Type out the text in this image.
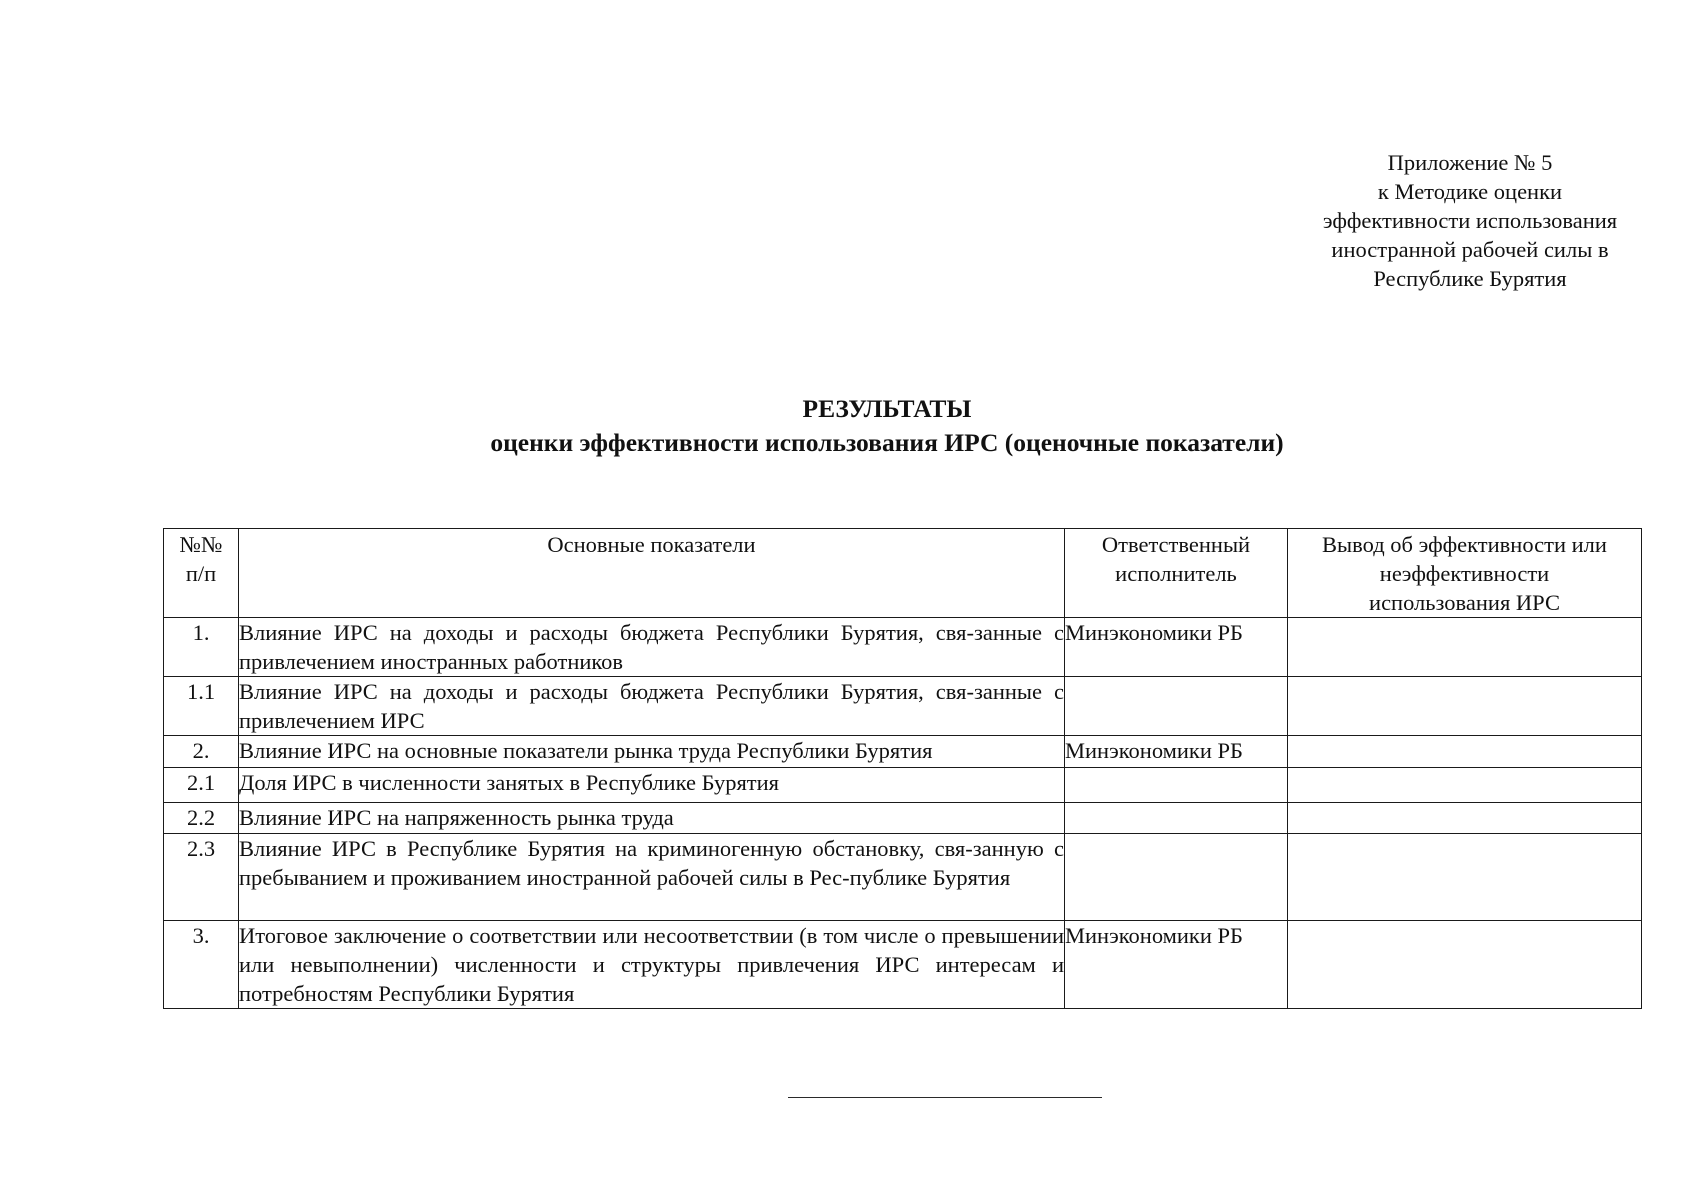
Приложение № 5
к Методике оценки
эффективности использования
иностранной рабочей силы в
Республике Бурятия
РЕЗУЛЬТАТЫ
оценки эффективности использования ИРС (оценочные показатели)
№№ п/п	Основные показатели	Ответственный исполнитель	Вывод об эффективности или неэффективности использования ИРС
1.	Влияние ИРС на доходы и расходы бюджета Республики Бурятия, свя-занные с привлечением иностранных работников	Минэкономики РБ	
1.1	Влияние ИРС на доходы и расходы бюджета Республики Бурятия, свя-занные с привлечением ИРС		
2.	Влияние ИРС на основные показатели рынка труда Республики Бурятия	Минэкономики РБ	
2.1	Доля ИРС в численности занятых в Республике Бурятия		
2.2	Влияние ИРС на напряженность рынка труда		
2.3	Влияние ИРС в Республике Бурятия на криминогенную обстановку, свя-занную с пребыванием и проживанием иностранной рабочей силы в Рес-публике Бурятия		
3.	Итоговое заключение о соответствии или несоответствии (в том числе о превышении или невыполнении) численности и структуры привлечения ИРС интересам и потребностям Республики Бурятия	Минэкономики РБ	
